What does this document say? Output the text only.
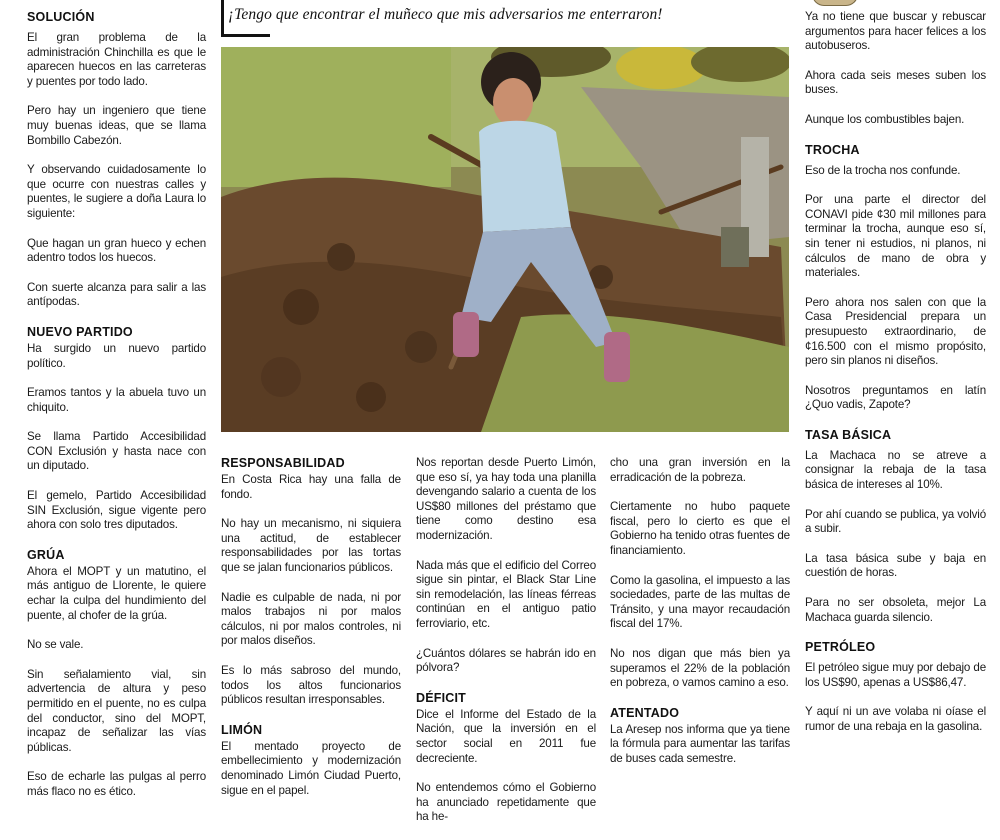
¡Tengo que encontrar el muñeco que mis adversarios me enterraron!
SOLUCIÓN

El gran problema de la administración Chinchilla es que le aparecen huecos en las carreteras y puentes por todo lado.

Pero hay un ingeniero que tiene muy buenas ideas, que se llama Bombillo Cabezón.

Y observando cuidadosamente lo que ocurre con nuestras calles y puentes, le sugiere a doña Laura lo siguiente:

Que hagan un gran hueco y echen adentro todos los huecos.

Con suerte alcanza para salir a las antípodas.

NUEVO PARTIDO

Ha surgido un nuevo partido político.

Eramos tantos y la abuela tuvo un chiquito.

Se llama Partido Accesibilidad CON Exclusión y hasta nace con un diputado.

El gemelo, Partido Accesibilidad SIN Exclusión, sigue vigente pero ahora con solo tres diputados.

GRÚA

Ahora el MOPT y un matutino, el más antiguo de Llorente, le quiere echar la culpa del hundimiento del puente, al chofer de la grúa.

No se vale.

Sin señalamiento vial, sin advertencia de altura y peso permitido en el puente, no es culpa del conductor, sino del MOPT, incapaz de señalizar las vías públicas.

Eso de echarle las pulgas al perro más flaco no es ético.

RESPONSABILIDAD

En Costa Rica hay una falla de fondo.

No hay un mecanismo, ni siquiera una actitud, de establecer responsabilidades por las tortas que se jalan funcionarios públicos.

Nadie es culpable de nada, ni por malos trabajos ni por malos cálculos, ni por malos controles, ni por malos diseños.

Es lo más sabroso del mundo, todos los altos funcionarios públicos resultan irresponsables.

LIMÓN

El mentado proyecto de embellecimiento y modernización denominado Limón Ciudad Puerto, sigue en el papel.

Nos reportan desde Puerto Limón, que eso sí, ya hay toda una planilla devengando salario a cuenta de los US$80 millones del préstamo que tiene como destino esa modernización.

Nada más que el edificio del Correo sigue sin pintar, el Black Star Line sin remodelación, las líneas férreas continúan en el antiguo patio ferroviario, etc.

¿Cuántos dólares se habrán ido en pólvora?

DÉFICIT

Dice el Informe del Estado de la Nación, que la inversión en el sector social en 2011 fue decreciente.

No entendemos cómo el Gobierno ha anunciado repetidamente que ha he-

cho una gran inversión en la erradicación de la pobreza.

Ciertamente no hubo paquete fiscal, pero lo cierto es que el Gobierno ha tenido otras fuentes de financiamiento.

Como la gasolina, el impuesto a las sociedades, parte de las multas de Tránsito, y una mayor recaudación fiscal del 17%.

No nos digan que más bien ya superamos el 22% de la población en pobreza, o vamos camino a eso.

ATENTADO

La Aresep nos informa que ya tiene la fórmula para aumentar las tarifas de buses cada semestre.

Ya no tiene que buscar y rebuscar argumentos para hacer felices a los autobuseros.

Ahora cada seis meses suben los buses.

Aunque los combustibles bajen.

TROCHA

Eso de la trocha nos confunde.

Por una parte el director del CONAVI pide ¢30 mil millones para terminar la trocha, aunque eso sí, sin tener ni estudios, ni planos, ni cálculos de mano de obra y materiales.

Pero ahora nos salen con que la Casa Presidencial prepara un presupuesto extraordinario, de ¢16.500 con el mismo propósito, pero sin planos ni diseños.

Nosotros preguntamos en latín ¿Quo vadis, Zapote?

TASA BÁSICA

La Machaca no se atreve a consignar la rebaja de la tasa básica de intereses al 10%.

Por ahí cuando se publica, ya volvió a subir.

La tasa básica sube y baja en cuestión de horas.

Para no ser obsoleta, mejor La Machaca guarda silencio.

PETRÓLEO

El petróleo sigue muy por debajo de los US$90, apenas a US$86,47.

Y aquí ni un ave volaba ni oíase el rumor de una rebaja en la gasolina.
